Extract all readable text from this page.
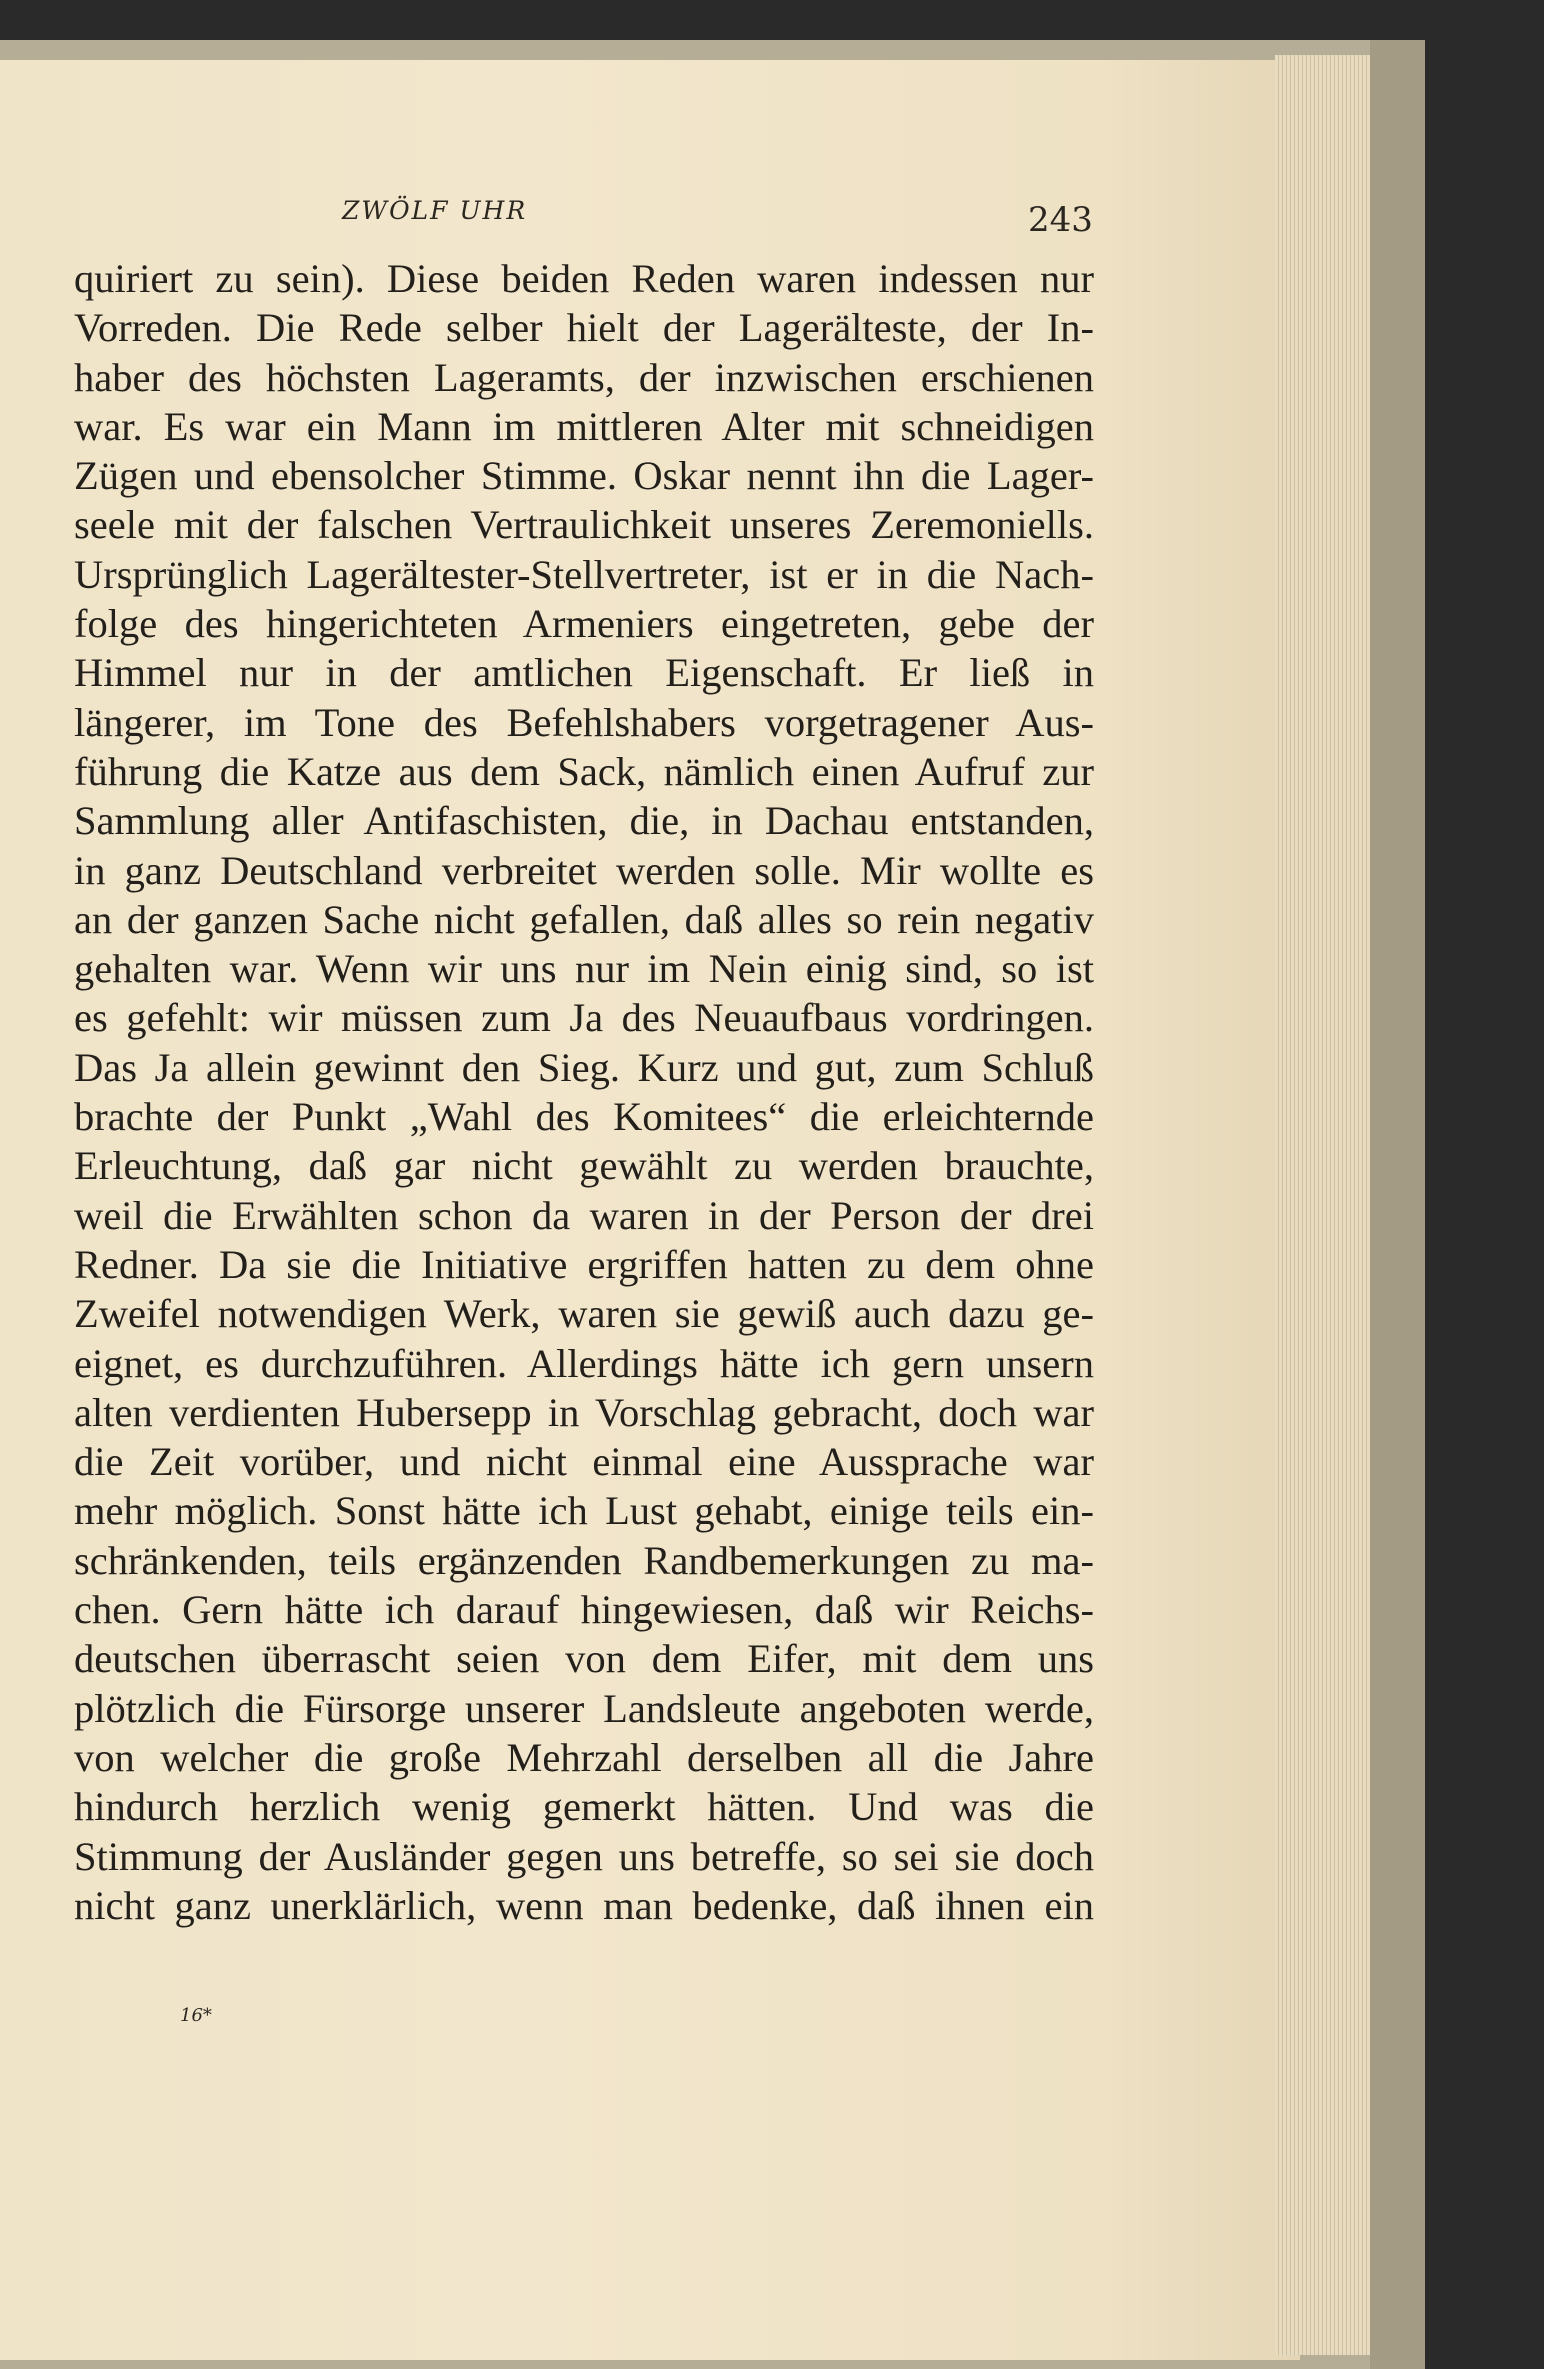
ZWÖLF UHR	243
quiriert zu sein). Diese beiden Reden waren indessen nur
Vorreden. Die Rede selber hielt der Lagerälteste, der In-
haber des höchsten Lageramts, der inzwischen erschienen
war. Es war ein Mann im mittleren Alter mit schneidigen
Zügen und ebensolcher Stimme. Oskar nennt ihn die Lager-
seele mit der falschen Vertraulichkeit unseres Zeremoniells.
Ursprünglich Lagerältester-Stellvertreter, ist er in die Nach-
folge des hingerichteten Armeniers eingetreten, gebe der
Himmel nur in der amtlichen Eigenschaft. Er ließ in
längerer, im Tone des Befehlshabers vorgetragener Aus-
führung die Katze aus dem Sack, nämlich einen Aufruf zur
Sammlung aller Antifaschisten, die, in Dachau entstanden,
in ganz Deutschland verbreitet werden solle. Mir wollte es
an der ganzen Sache nicht gefallen, daß alles so rein negativ
gehalten war. Wenn wir uns nur im Nein einig sind, so ist
es gefehlt: wir müssen zum Ja des Neuaufbaus vordringen.
Das Ja allein gewinnt den Sieg. Kurz und gut, zum Schluß
brachte der Punkt „Wahl des Komitees“ die erleichternde
Erleuchtung, daß gar nicht gewählt zu werden brauchte,
weil die Erwählten schon da waren in der Person der drei
Redner. Da sie die Initiative ergriffen hatten zu dem ohne
Zweifel notwendigen Werk, waren sie gewiß auch dazu ge-
eignet, es durchzuführen. Allerdings hätte ich gern unsern
alten verdienten Hubersepp in Vorschlag gebracht, doch war
die Zeit vorüber, und nicht einmal eine Aussprache war
mehr möglich. Sonst hätte ich Lust gehabt, einige teils ein-
schränkenden, teils ergänzenden Randbemerkungen zu ma-
chen. Gern hätte ich darauf hingewiesen, daß wir Reichs-
deutschen überrascht seien von dem Eifer, mit dem uns
plötzlich die Fürsorge unserer Landsleute angeboten werde,
von welcher die große Mehrzahl derselben all die Jahre
hindurch herzlich wenig gemerkt hätten. Und was die
Stimmung der Ausländer gegen uns betreffe, so sei sie doch
nicht ganz unerklärlich, wenn man bedenke, daß ihnen ein
16*
